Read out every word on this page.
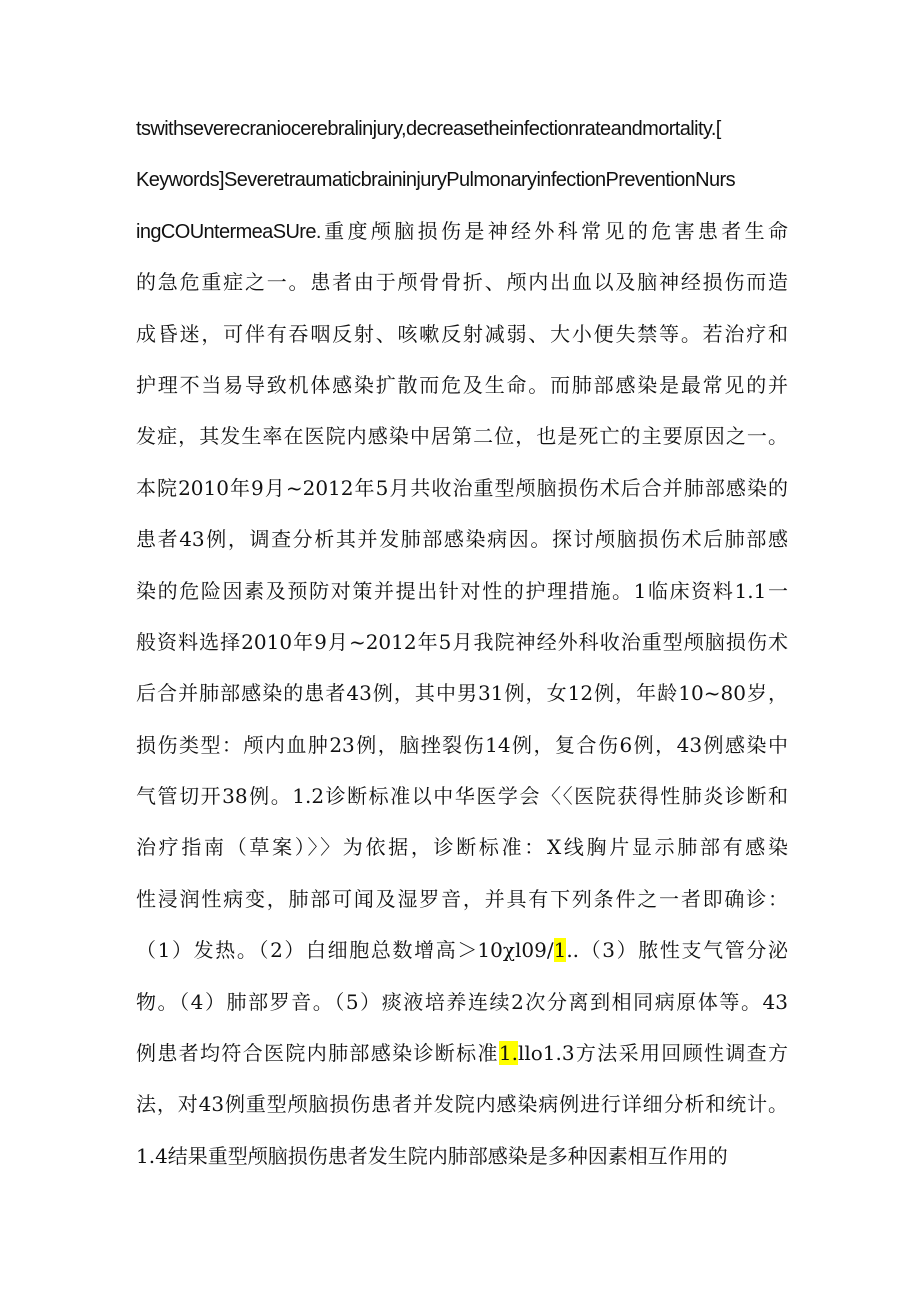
tswithseverecraniocerebralinjury,decreasetheinfectionrateandmortality.[
Keywords]SeveretraumaticbraininjuryPulmonaryinfectionPreventionNurs
ingCOUntermeaSUre.重度颅脑损伤是神经外科常见的危害患者生命
的急危重症之一。患者由于颅骨骨折、颅内出血以及脑神经损伤而造
成昏迷，可伴有吞咽反射、咳嗽反射减弱、大小便失禁等。若治疗和
护理不当易导致机体感染扩散而危及生命。而肺部感染是最常见的并
发症，其发生率在医院内感染中居第二位，也是死亡的主要原因之一。
本院2010年9月~2012年5月共收治重型颅脑损伤术后合并肺部感染的
患者43例，调查分析其并发肺部感染病因。探讨颅脑损伤术后肺部感
染的危险因素及预防对策并提出针对性的护理措施。1临床资料1.1一
般资料选择2010年9月~2012年5月我院神经外科收治重型颅脑损伤术
后合并肺部感染的患者43例，其中男31例，女12例，年龄10~80岁，
损伤类型：颅内血肿23例，脑挫裂伤14例，复合伤6例，43例感染中
气管切开38例。1.2诊断标准以中华医学会〈〈医院获得性肺炎诊断和
治疗指南（草案）〉〉为依据，诊断标准：X线胸片显示肺部有感染
性浸润性病变，肺部可闻及湿罗音，并具有下列条件之一者即确诊：
（1）发热。（2）白细胞总数增高＞10χl09∕1..（3）脓性支气管分泌
物。（4）肺部罗音。（5）痰液培养连续2次分离到相同病原体等。43
例患者均符合医院内肺部感染诊断标准1.llo1.3方法采用回顾性调查方
法，对43例重型颅脑损伤患者并发院内感染病例进行详细分析和统计。
1.4结果重型颅脑损伤患者发生院内肺部感染是多种因素相互作用的
